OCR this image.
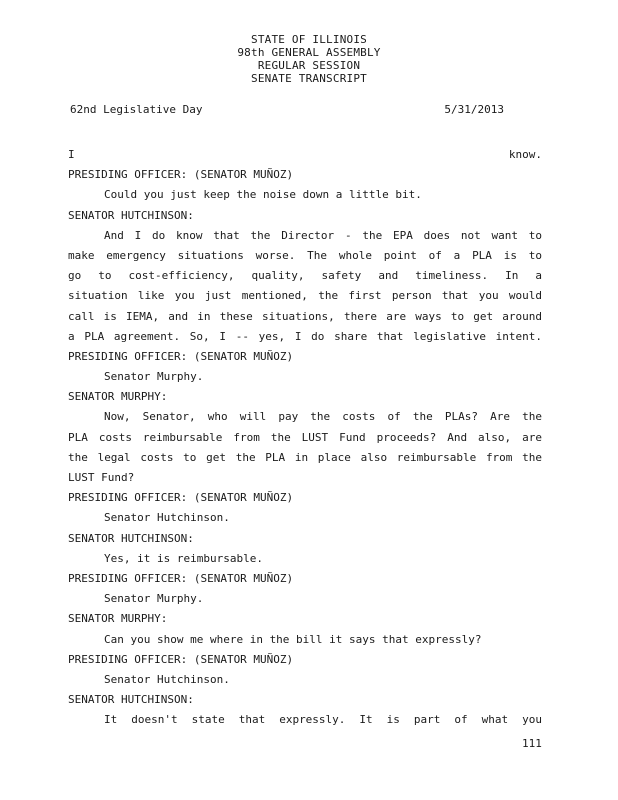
STATE OF ILLINOIS
98th GENERAL ASSEMBLY
REGULAR SESSION
SENATE TRANSCRIPT
62nd Legislative Day	5/31/2013
I know.
PRESIDING OFFICER: (SENATOR MUÑOZ)
Could you just keep the noise down a little bit.
SENATOR HUTCHINSON:
And I do know that the Director - the EPA does not want to
make emergency situations worse. The whole point of a PLA is to
go to cost-efficiency, quality, safety and timeliness. In a
situation like you just mentioned, the first person that you would
call is IEMA, and in these situations, there are ways to get around
a PLA agreement. So, I -- yes, I do share that legislative intent.
PRESIDING OFFICER: (SENATOR MUÑOZ)
Senator Murphy.
SENATOR MURPHY:
Now, Senator, who will pay the costs of the PLAs? Are the
PLA costs reimbursable from the LUST Fund proceeds? And also, are
the legal costs to get the PLA in place also reimbursable from the
LUST Fund?
PRESIDING OFFICER: (SENATOR MUÑOZ)
Senator Hutchinson.
SENATOR HUTCHINSON:
Yes, it is reimbursable.
PRESIDING OFFICER: (SENATOR MUÑOZ)
Senator Murphy.
SENATOR MURPHY:
Can you show me where in the bill it says that expressly?
PRESIDING OFFICER: (SENATOR MUÑOZ)
Senator Hutchinson.
SENATOR HUTCHINSON:
It doesn't state that expressly. It is part of what you
111
